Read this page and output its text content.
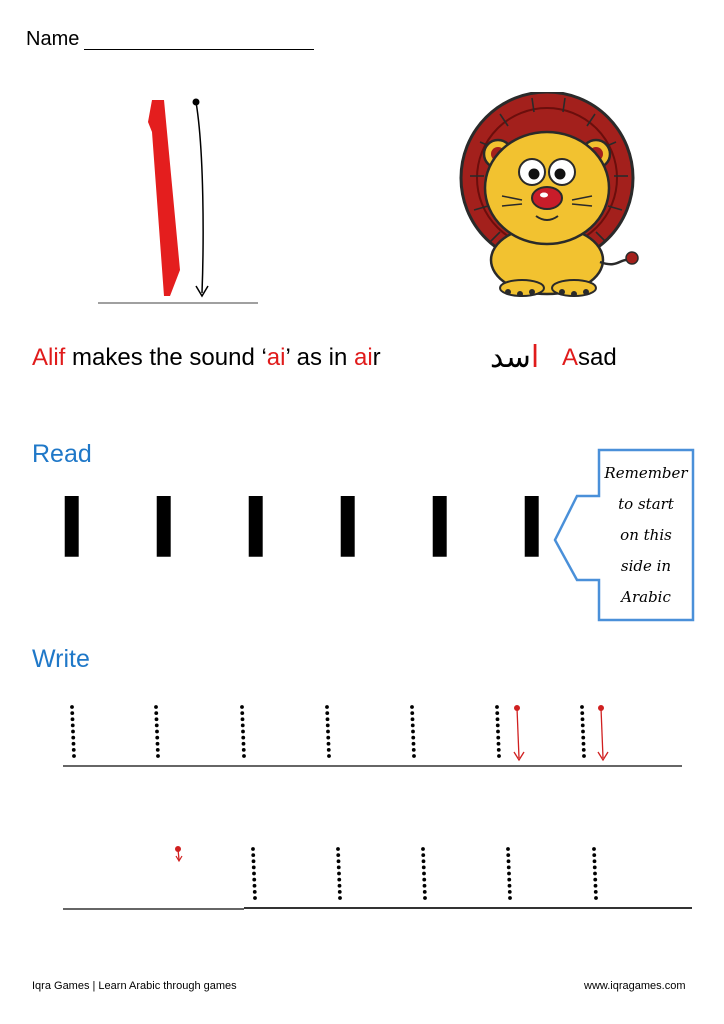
Name
Alif makes the sound ‘ai’ as in air	اسد	Asad
Read
ا ا ا ا ا ا
Remember
to start
on this
side in
Arabic
Write
Iqra Games | Learn Arabic through games	www.iqragames.com
